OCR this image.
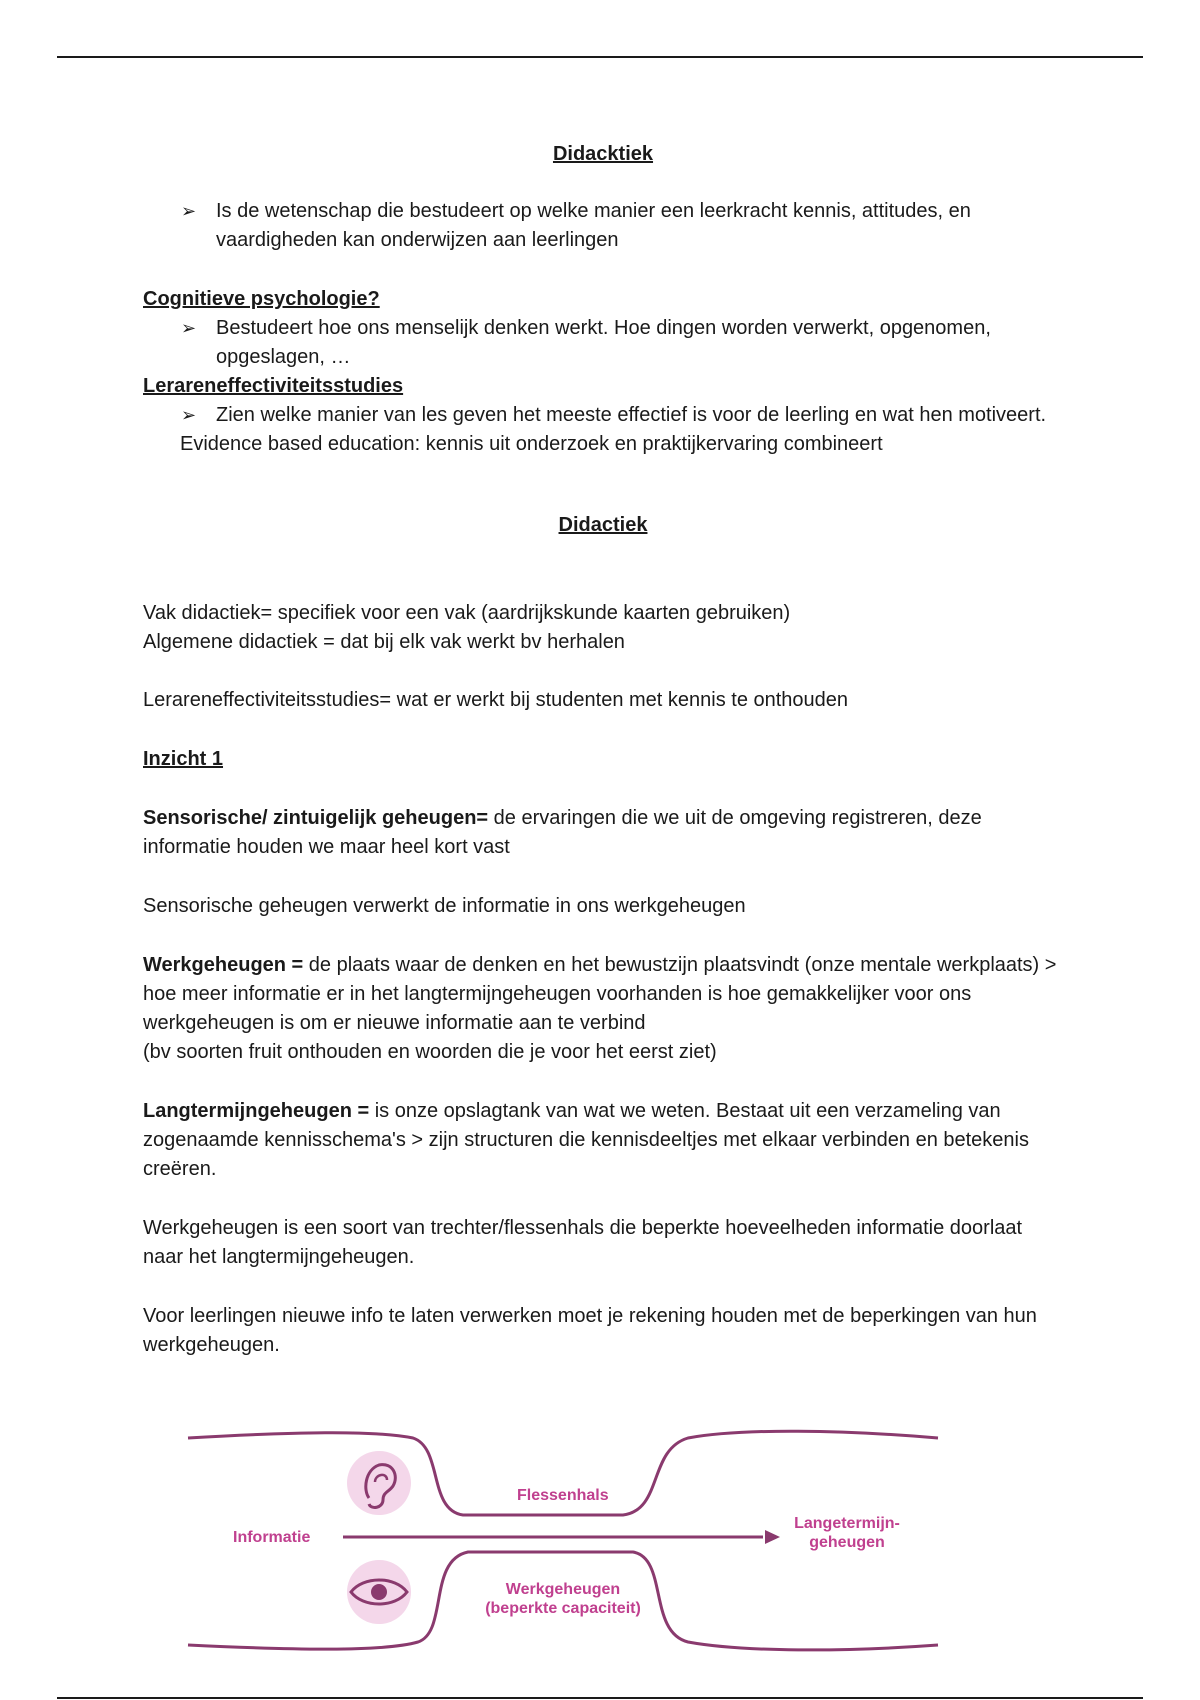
Didacktiek
➢ Is de wetenschap die bestudeert op welke manier een leerkracht kennis, attitudes, en vaardigheden kan onderwijzen aan leerlingen

Cognitieve psychologie?

➢ Bestudeert hoe ons menselijk denken werkt. Hoe dingen worden verwerkt, opgenomen, opgeslagen, …

Lerareneffectiviteitsstudies

➢ Zien welke manier van les geven het meeste effectief is voor de leerling en wat hen motiveert.

Evidence based education: kennis uit onderzoek en praktijkervaring combineert

Didactiek

Vak didactiek= specifiek voor een vak (aardrijkskunde kaarten gebruiken)

Algemene didactiek = dat bij elk vak werkt bv herhalen

Lerareneffectiviteitsstudies= wat er werkt bij studenten met kennis te onthouden

Inzicht 1

Sensorische/ zintuigelijk geheugen= de ervaringen die we uit de omgeving registreren, deze informatie houden we maar heel kort vast

Sensorische geheugen verwerkt de informatie in ons werkgeheugen

Werkgeheugen = de plaats waar de denken en het bewustzijn plaatsvindt (onze mentale werkplaats) > hoe meer informatie er in het langtermijngeheugen voorhanden is hoe gemakkelijker voor ons werkgeheugen is om er nieuwe informatie aan te verbind

(bv soorten fruit onthouden en woorden die je voor het eerst ziet)

Langtermijngeheugen = is onze opslagtank van wat we weten. Bestaat uit een verzameling van zogenaamde kennisschema's > zijn structuren die kennisdeeltjes met elkaar verbinden en betekenis creëren.

Werkgeheugen is een soort van trechter/flessenhals die beperkte hoeveelheden informatie doorlaat naar het langtermijngeheugen.

Voor leerlingen nieuwe info te laten verwerken moet je rekening houden met de beperkingen van hun werkgeheugen.

Flessenhals
Informatie
Langetermijn-
geheugen
Werkgeheugen
(beperkte capaciteit)
